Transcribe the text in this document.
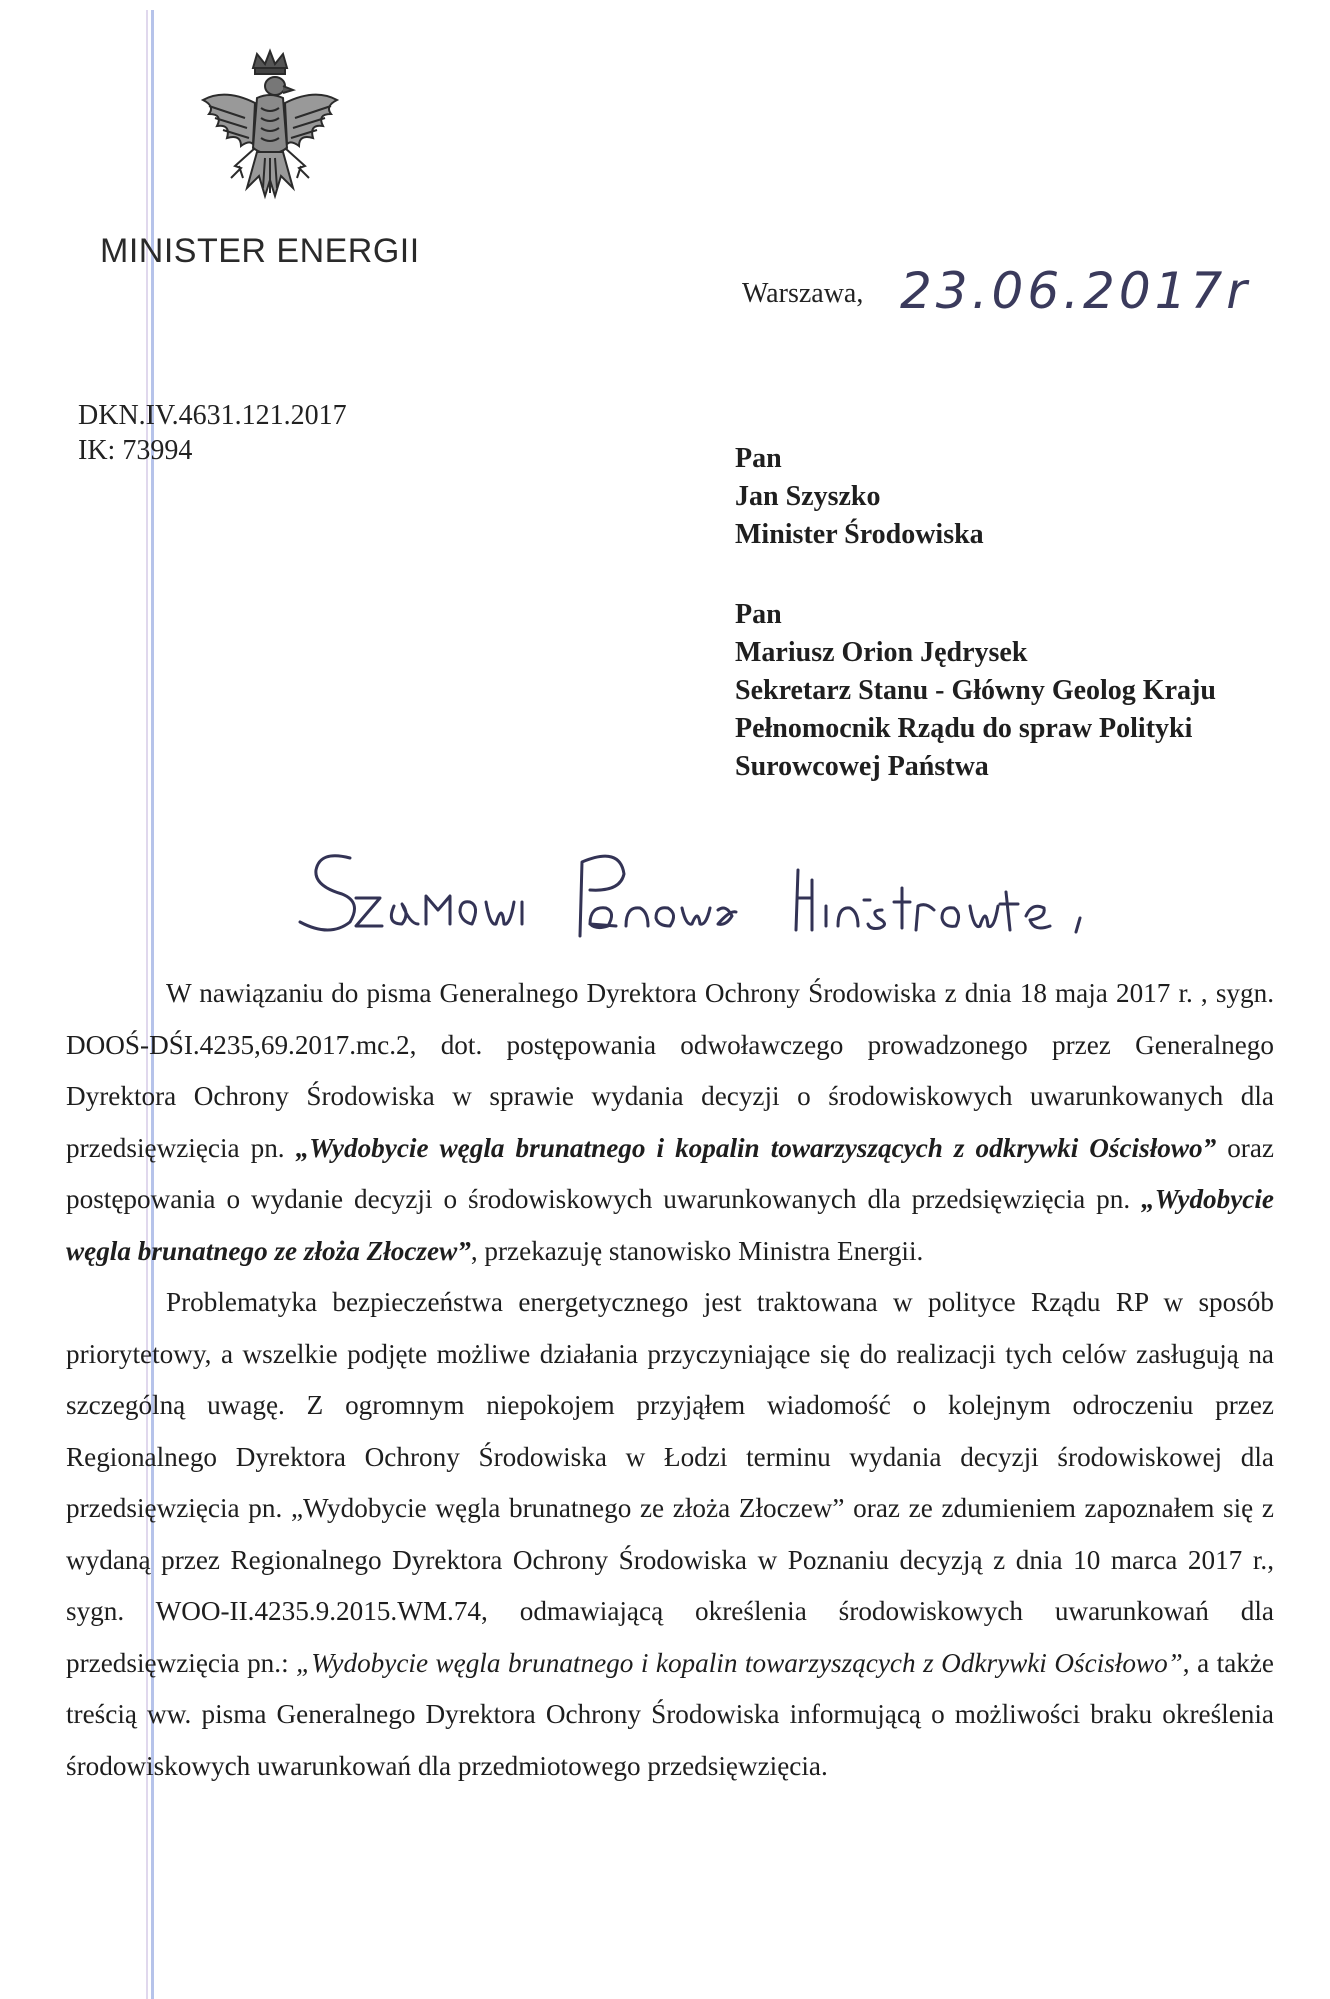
MINISTER ENERGII
Warszawa, 23.06.2017r
DKN.IV.4631.121.2017
IK: 73994	Pan
Jan Szyszko
Minister Środowiska
Pan
Mariusz Orion Jędrysek
Sekretarz Stanu - Główny Geolog Kraju
Pełnomocnik Rządu do spraw Polityki
Surowcowej Państwa

W nawiązaniu do pisma Generalnego Dyrektora Ochrony Środowiska z dnia 18 maja 2017 r. , sygn. DOOŚ-DŚI.4235,69.2017.mc.2, dot. postępowania odwoławczego prowadzonego przez Generalnego Dyrektora Ochrony Środowiska w sprawie wydania decyzji o środowiskowych uwarunkowanych dla przedsięwzięcia pn. „Wydobycie węgla brunatnego i kopalin towarzyszących z odkrywki Ościsłowo” oraz postępowania o wydanie decyzji o środowiskowych uwarunkowanych dla przedsięwzięcia pn. „Wydobycie węgla brunatnego ze złoża Złoczew”, przekazuję stanowisko Ministra Energii.

Problematyka bezpieczeństwa energetycznego jest traktowana w polityce Rządu RP w sposób priorytetowy, a wszelkie podjęte możliwe działania przyczyniające się do realizacji tych celów zasługują na szczególną uwagę. Z ogromnym niepokojem przyjąłem wiadomość o kolejnym odroczeniu przez Regionalnego Dyrektora Ochrony Środowiska w Łodzi terminu wydania decyzji środowiskowej dla przedsięwzięcia pn. „Wydobycie węgla brunatnego ze złoża Złoczew” oraz ze zdumieniem zapoznałem się z wydaną przez Regionalnego Dyrektora Ochrony Środowiska w Poznaniu decyzją z dnia 10 marca 2017 r., sygn. WOO-II.4235.9.2015.WM.74, odmawiającą określenia środowiskowych uwarunkowań dla przedsięwzięcia pn.: „Wydobycie węgla brunatnego i kopalin towarzyszących z Odkrywki Ościsłowo”, a także treścią ww. pisma Generalnego Dyrektora Ochrony Środowiska informującą o możliwości braku określenia środowiskowych uwarunkowań dla przedmiotowego przedsięwzięcia.
